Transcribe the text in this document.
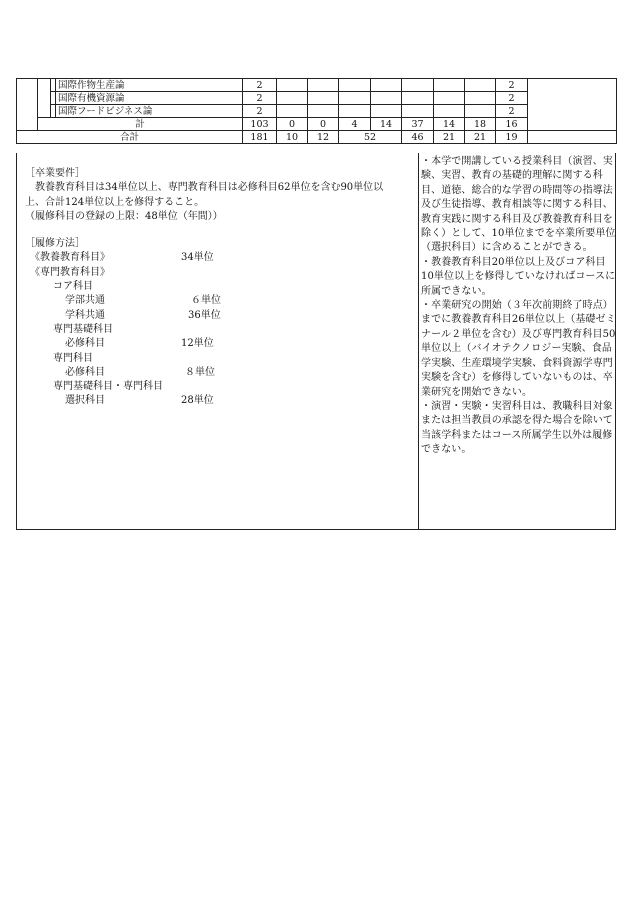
			国際作物生産論	2								2	
			国際有機資源論	2								2	
			国際フードビジネス論	2								2	
	計			103	0	0	4	14	37	14	18	16	
合計				181	10	12	52		46	21	21	19	

［卒業要件］

　教養教育科目は34単位以上、専門教育科目は必修科目62単位を含む90単位以

上、合計124単位以上を修得すること。

（履修科目の登録の上限：48単位（年間））

［履修方法］

　《教養教育科目》	34単位

　《専門教育科目》

コア科目

学部共通	６単位

学科共通	36単位

専門基礎科目

必修科目	12単位

専門科目

必修科目	８単位

専門基礎科目・専門科目

選択科目	28単位

・本学で開講している授業科目（演習、実験、実習、教育の基礎的理解に関する科目、道徳、総合的な学習の時間等の指導法及び生徒指導、教育相談等に関する科目、教育実践に関する科目及び教養教育科目を除く）として、10単位までを卒業所要単位（選択科目）に含めることができる。

・教養教育科目20単位以上及びコア科目10単位以上を修得していなければコースに所属できない。

・卒業研究の開始（３年次前期終了時点）までに教養教育科目26単位以上（基礎ゼミナール２単位を含む）及び専門教育科目50単位以上（バイオテクノロジー実験、食品学実験、生産環境学実験、食料資源学専門実験を含む）を修得していないものは、卒業研究を開始できない。

・演習・実験・実習科目は、教職科目対象または担当教員の承認を得た場合を除いて当該学科またはコース所属学生以外は履修できない。
